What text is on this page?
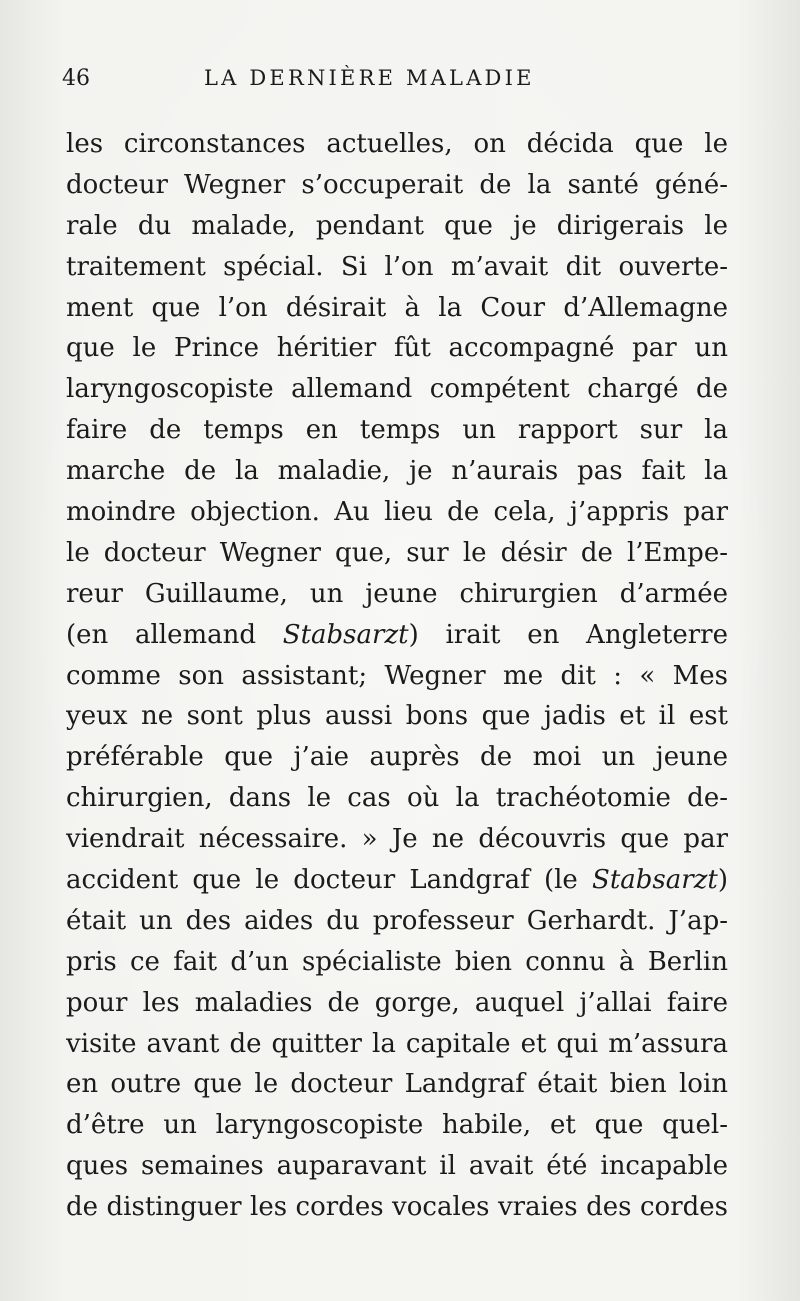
46	LA DERNIÈRE MALADIE
les circonstances actuelles, on décida que le
docteur Wegner s’occuperait de la santé géné-
rale du malade, pendant que je dirigerais le
traitement spécial. Si l’on m’avait dit ouverte-
ment que l’on désirait à la Cour d’Allemagne
que le Prince héritier fût accompagné par un
laryngoscopiste allemand compétent chargé de
faire de temps en temps un rapport sur la
marche de la maladie, je n’aurais pas fait la
moindre objection. Au lieu de cela, j’appris par
le docteur Wegner que, sur le désir de l’Empe-
reur Guillaume, un jeune chirurgien d’armée
(en allemand Stabsarzt) irait en Angleterre
comme son assistant; Wegner me dit : « Mes
yeux ne sont plus aussi bons que jadis et il est
préférable que j’aie auprès de moi un jeune
chirurgien, dans le cas où la trachéotomie de-
viendrait nécessaire. » Je ne découvris que par
accident que le docteur Landgraf (le Stabsarzt)
était un des aides du professeur Gerhardt. J’ap-
pris ce fait d’un spécialiste bien connu à Berlin
pour les maladies de gorge, auquel j’allai faire
visite avant de quitter la capitale et qui m’assura
en outre que le docteur Landgraf était bien loin
d’être un laryngoscopiste habile, et que quel-
ques semaines auparavant il avait été incapable
de distinguer les cordes vocales vraies des cordes
